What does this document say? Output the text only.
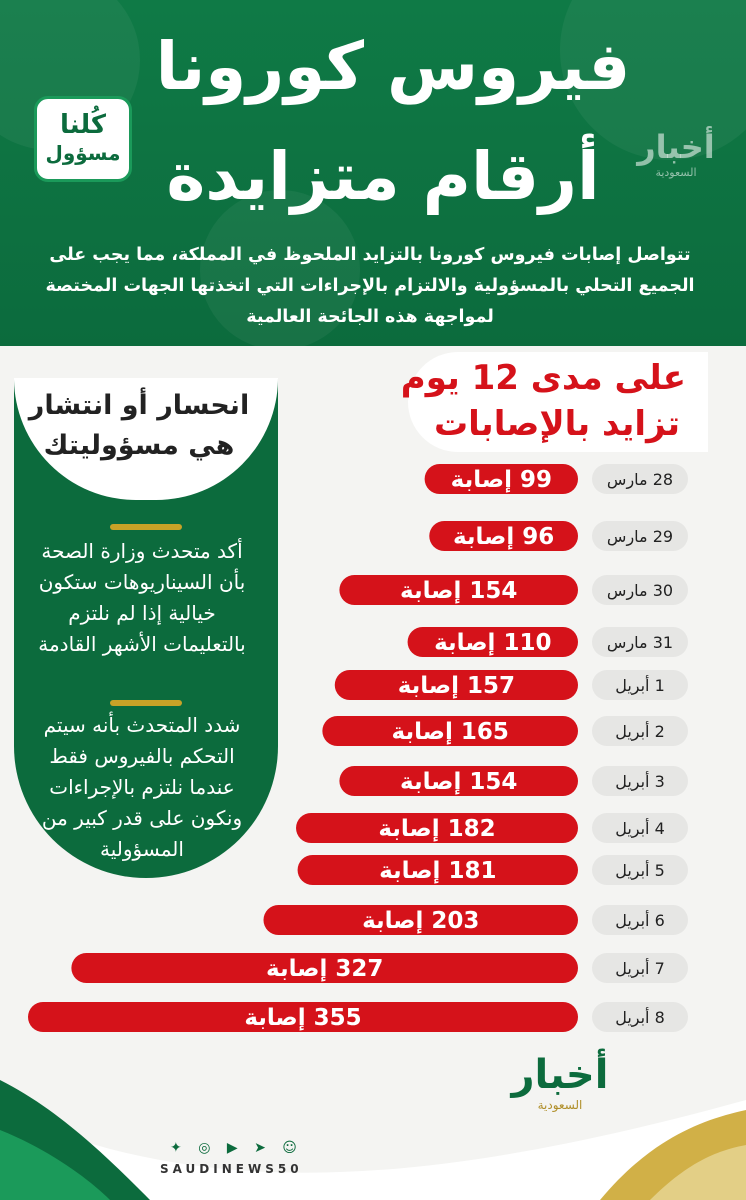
فيروس كورونا
أرقام متزايدة
كُلنا
مسؤول	أخبار
السعودية
تتواصل إصابات فيروس كورونا بالتزايد الملحوظ في المملكة، مما يجب على الجميع التحلي بالمسؤولية والالتزام بالإجراءات التي اتخذتها الجهات المختصة لمواجهة هذه الجائحة العالمية
على مدى 12 يوم
تزايد بالإصابات
انحسار أو انتشار
هي مسؤوليتك
أكد متحدث وزارة الصحة بأن السيناريوهات ستكون خيالية إذا لم نلتزم بالتعليمات الأشهر القادمة
شدد المتحدث بأنه سيتم التحكم بالفيروس فقط عندما نلتزم بالإجراءات ونكون على قدر كبير من المسؤولية
28 مارس
99 إصابة
29 مارس
96 إصابة
30 مارس
154 إصابة
31 مارس
110 إصابة
1 أبريل
157 إصابة
2 أبريل
165 إصابة
3 أبريل
154 إصابة
4 أبريل
182 إصابة
5 أبريل
181 إصابة
6 أبريل
203 إصابة
7 أبريل
327 إصابة
8 أبريل
355 إصابة
أخبار
السعودية
✦ ◎ ▶ ➤ ☺
SAUDINEWS50
